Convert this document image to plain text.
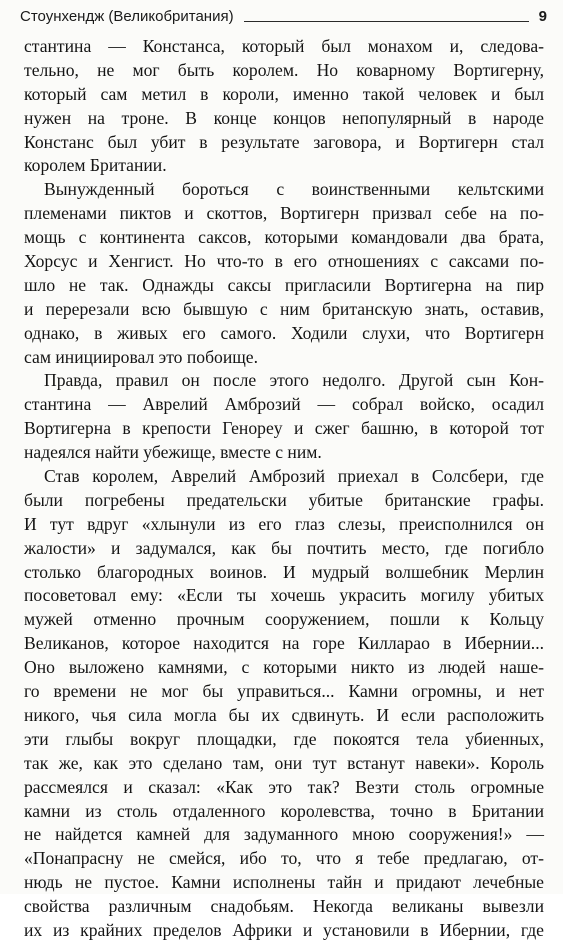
Стоунхендж (Великобритания)	9
стантина — Констанса, который был монахом и, следова-
тельно, не мог быть королем. Но коварному Вортигерну,
который сам метил в короли, именно такой человек и был
нужен на троне. В конце концов непопулярный в народе
Констанс был убит в результате заговора, и Вортигерн стал
королем Британии.
Вынужденный бороться с воинственными кельтскими
племенами пиктов и скоттов, Вортигерн призвал себе на по-
мощь с континента саксов, которыми командовали два брата,
Хорсус и Хенгист. Но что-то в его отношениях с саксами по-
шло не так. Однажды саксы пригласили Вортигерна на пир
и перерезали всю бывшую с ним британскую знать, оставив,
однако, в живых его самого. Ходили слухи, что Вортигерн
сам инициировал это побоище.
Правда, правил он после этого недолго. Другой сын Кон-
стантина — Аврелий Амброзий — собрал войско, осадил
Вортигерна в крепости Генорeу и сжег башню, в которой тот
надеялся найти убежище, вместе с ним.
Став королем, Аврелий Амброзий приехал в Солсбери, где
были погребены предательски убитые британские графы.
И тут вдруг «хлынули из его глаз слезы, преисполнился он
жалости» и задумался, как бы почтить место, где погибло
столько благородных воинов. И мудрый волшебник Мерлин
посоветовал ему: «Если ты хочешь украсить могилу убитых
мужей отменно прочным сооружением, пошли к Кольцу
Великанов, которое находится на горе Килларао в Ибернии...
Оно выложено камнями, с которыми никто из людей наше-
го времени не мог бы управиться... Камни огромны, и нет
никого, чья сила могла бы их сдвинуть. И если расположить
эти глыбы вокруг площадки, где покоятся тела убиенных,
так же, как это сделано там, они тут встанут навеки». Король
рассмеялся и сказал: «Как это так? Везти столь огромные
камни из столь отдаленного королевства, точно в Британии
не найдется камней для задуманного мною сооружения!» —
«Понапрасну не смейся, ибо то, что я тебе предлагаю, от-
нюдь не пустое. Камни исполнены тайн и придают лечебные
свойства различным снадобьям. Некогда великаны вывезли
их из крайних пределов Африки и установили в Ибернии, где
